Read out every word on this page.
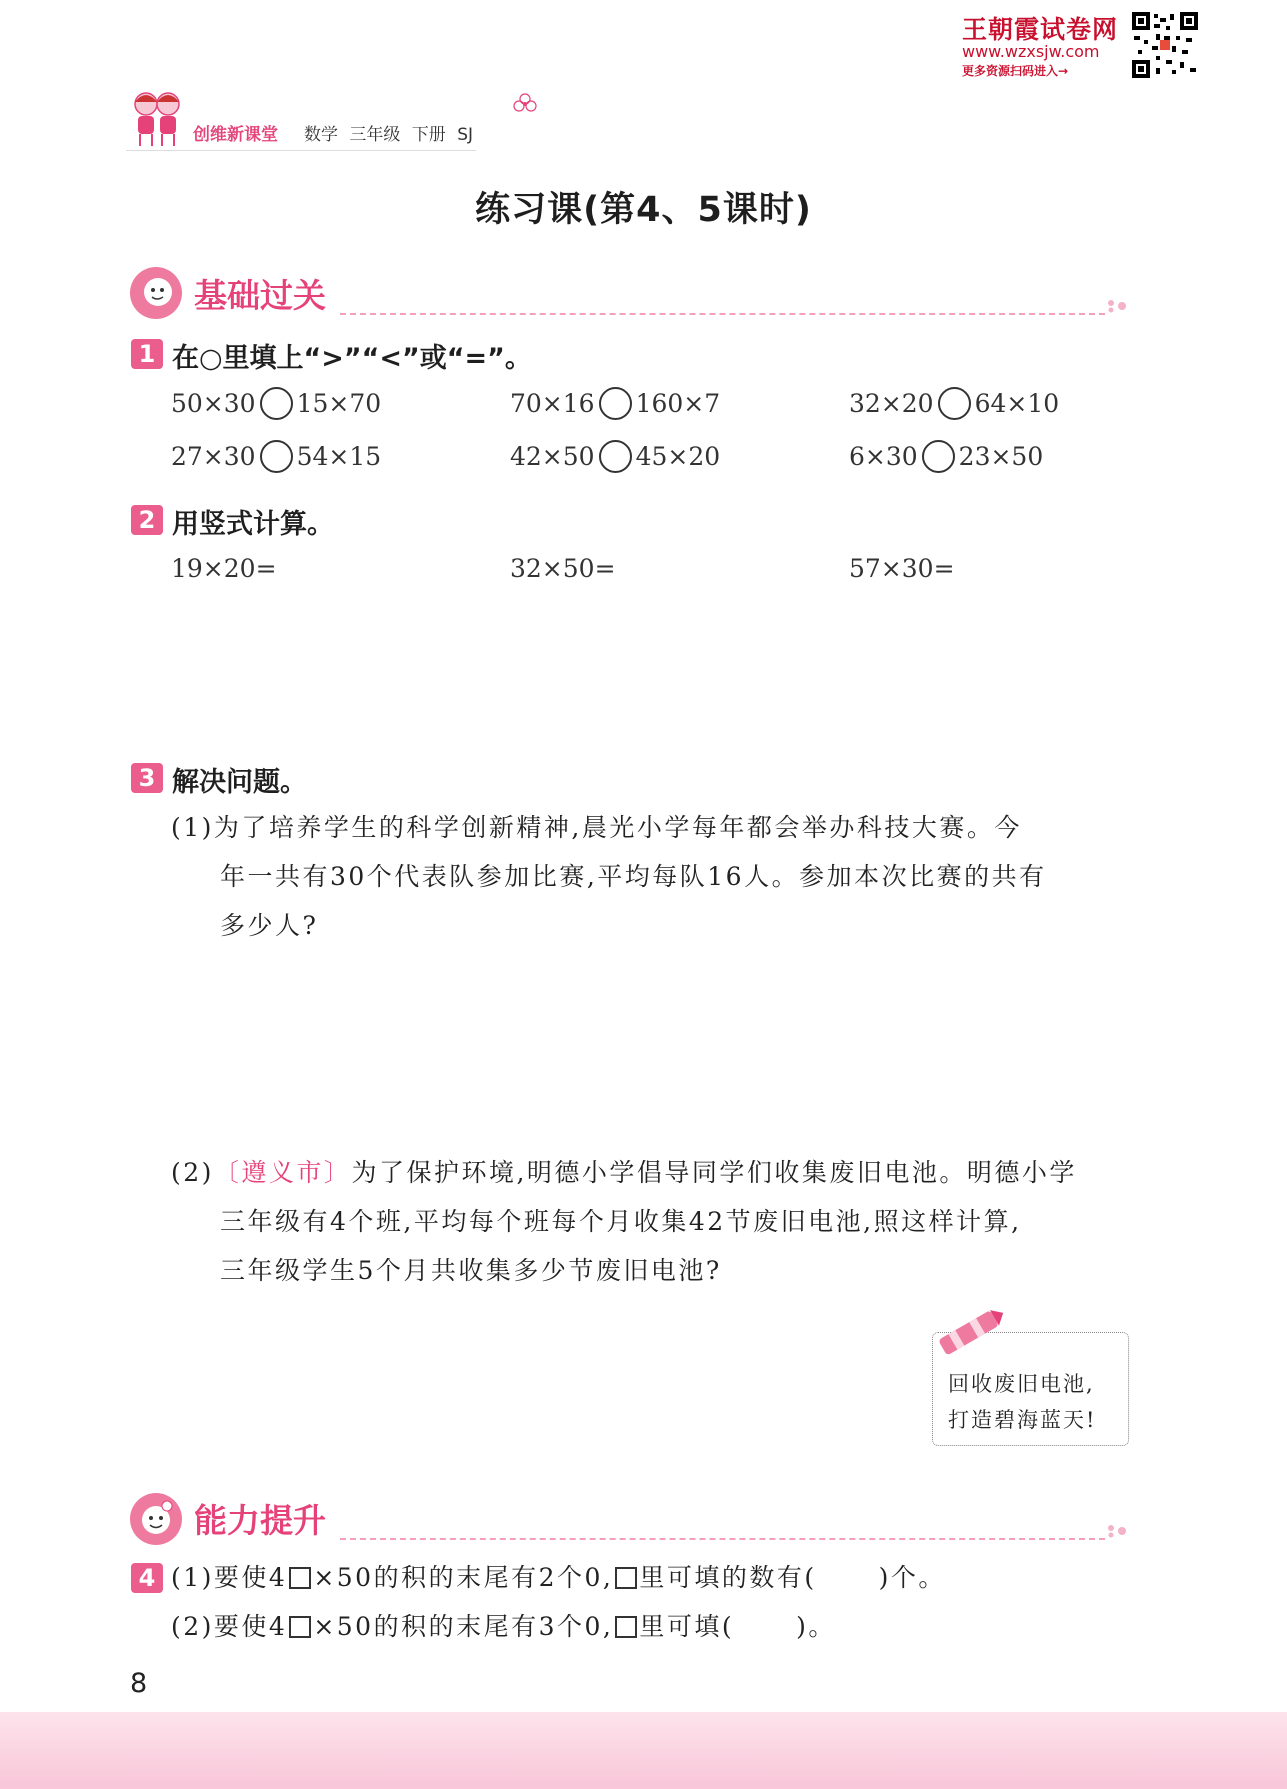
王朝霞试卷网
www.wzxsjw.com
更多资源扫码进入→
创维新课堂 数学 三年级 下册 SJ
练习课(第4、5课时)
基础过关
1 在○里填上“>”“<”或“=”。
50×30 15×70	70×16 160×7	32×20 64×10
27×30 54×15	42×50 45×20	6×30 23×50
2 用竖式计算。
19×20=	32×50=	57×30=
3 解决问题。
(1)为了培养学生的科学创新精神,晨光小学每年都会举办科技大赛。今
年一共有30个代表队参加比赛,平均每队16人。参加本次比赛的共有
多少人?
(2)〔遵义市〕为了保护环境,明德小学倡导同学们收集废旧电池。明德小学
三年级有4个班,平均每个班每个月收集42节废旧电池,照这样计算,
三年级学生5个月共收集多少节废旧电池?
回收废旧电池,
打造碧海蓝天!
能力提升
4 (1)要使4 ×50的积的末尾有2个0, 里可填的数有( )个。
(2)要使4 ×50的积的末尾有3个0, 里可填( )。
8
